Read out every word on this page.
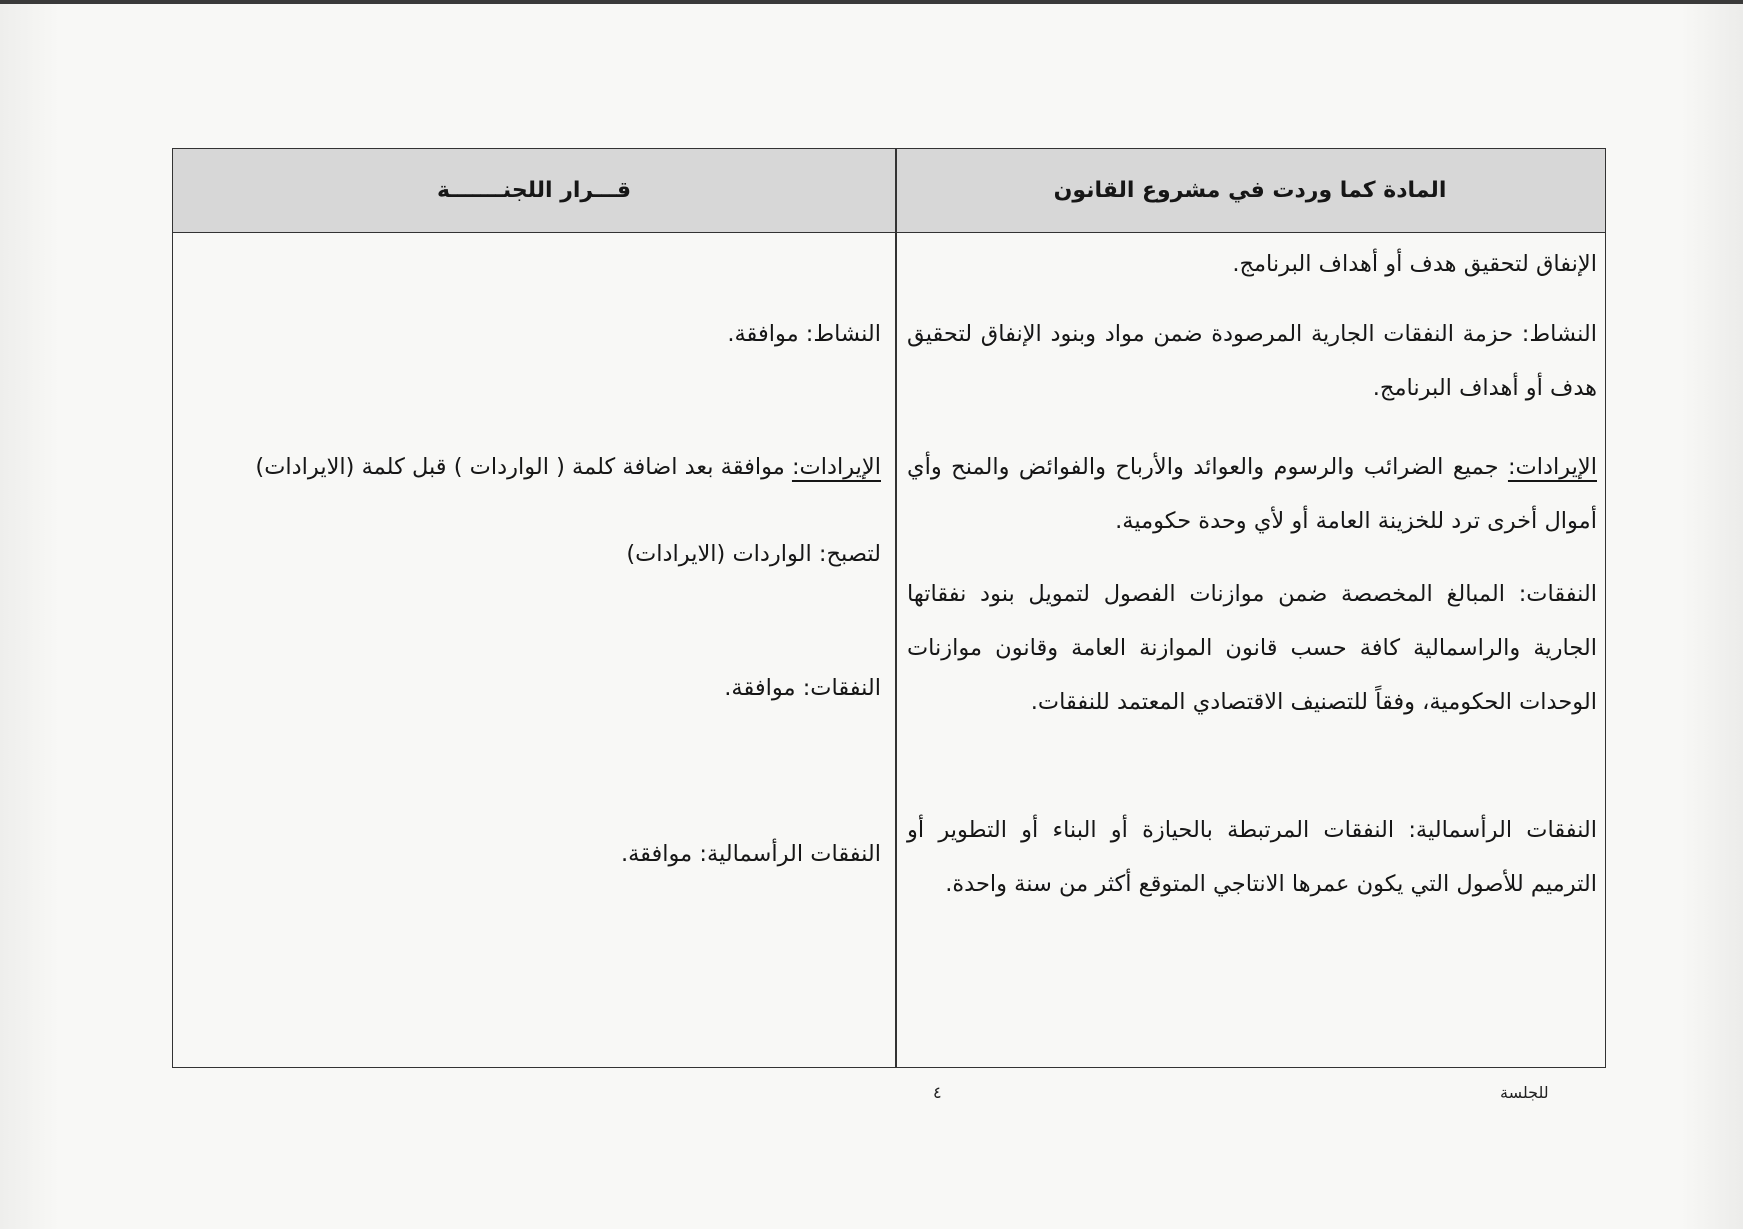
المادة كما وردت في مشروع القانون
قـــرار اللجنـــــــة
الإنفاق لتحقيق هدف أو أهداف البرنامج.
النشاط: حزمة النفقات الجارية المرصودة ضمن مواد وبنود الإنفاق لتحقيق هدف أو أهداف البرنامج.
الإيرادات: جميع الضرائب والرسوم والعوائد والأرباح والفوائض والمنح وأي أموال أخرى ترد للخزينة العامة أو لأي وحدة حكومية.
النفقات: المبالغ المخصصة ضمن موازنات الفصول لتمويل بنود نفقاتها الجارية والراسمالية كافة حسب قانون الموازنة العامة وقانون موازنات الوحدات الحكومية، وفقاً للتصنيف الاقتصادي المعتمد للنفقات.
النفقات الرأسمالية: النفقات المرتبطة بالحيازة أو البناء أو التطوير أو الترميم للأصول التي يكون عمرها الانتاجي المتوقع أكثر من سنة واحدة.
النشاط: موافقة.
الإيرادات: موافقة بعد اضافة كلمة ( الواردات ) قبل كلمة (الايرادات)
لتصبح: الواردات (الايرادات)
النفقات: موافقة.
النفقات الرأسمالية: موافقة.
٤	للجلسة
